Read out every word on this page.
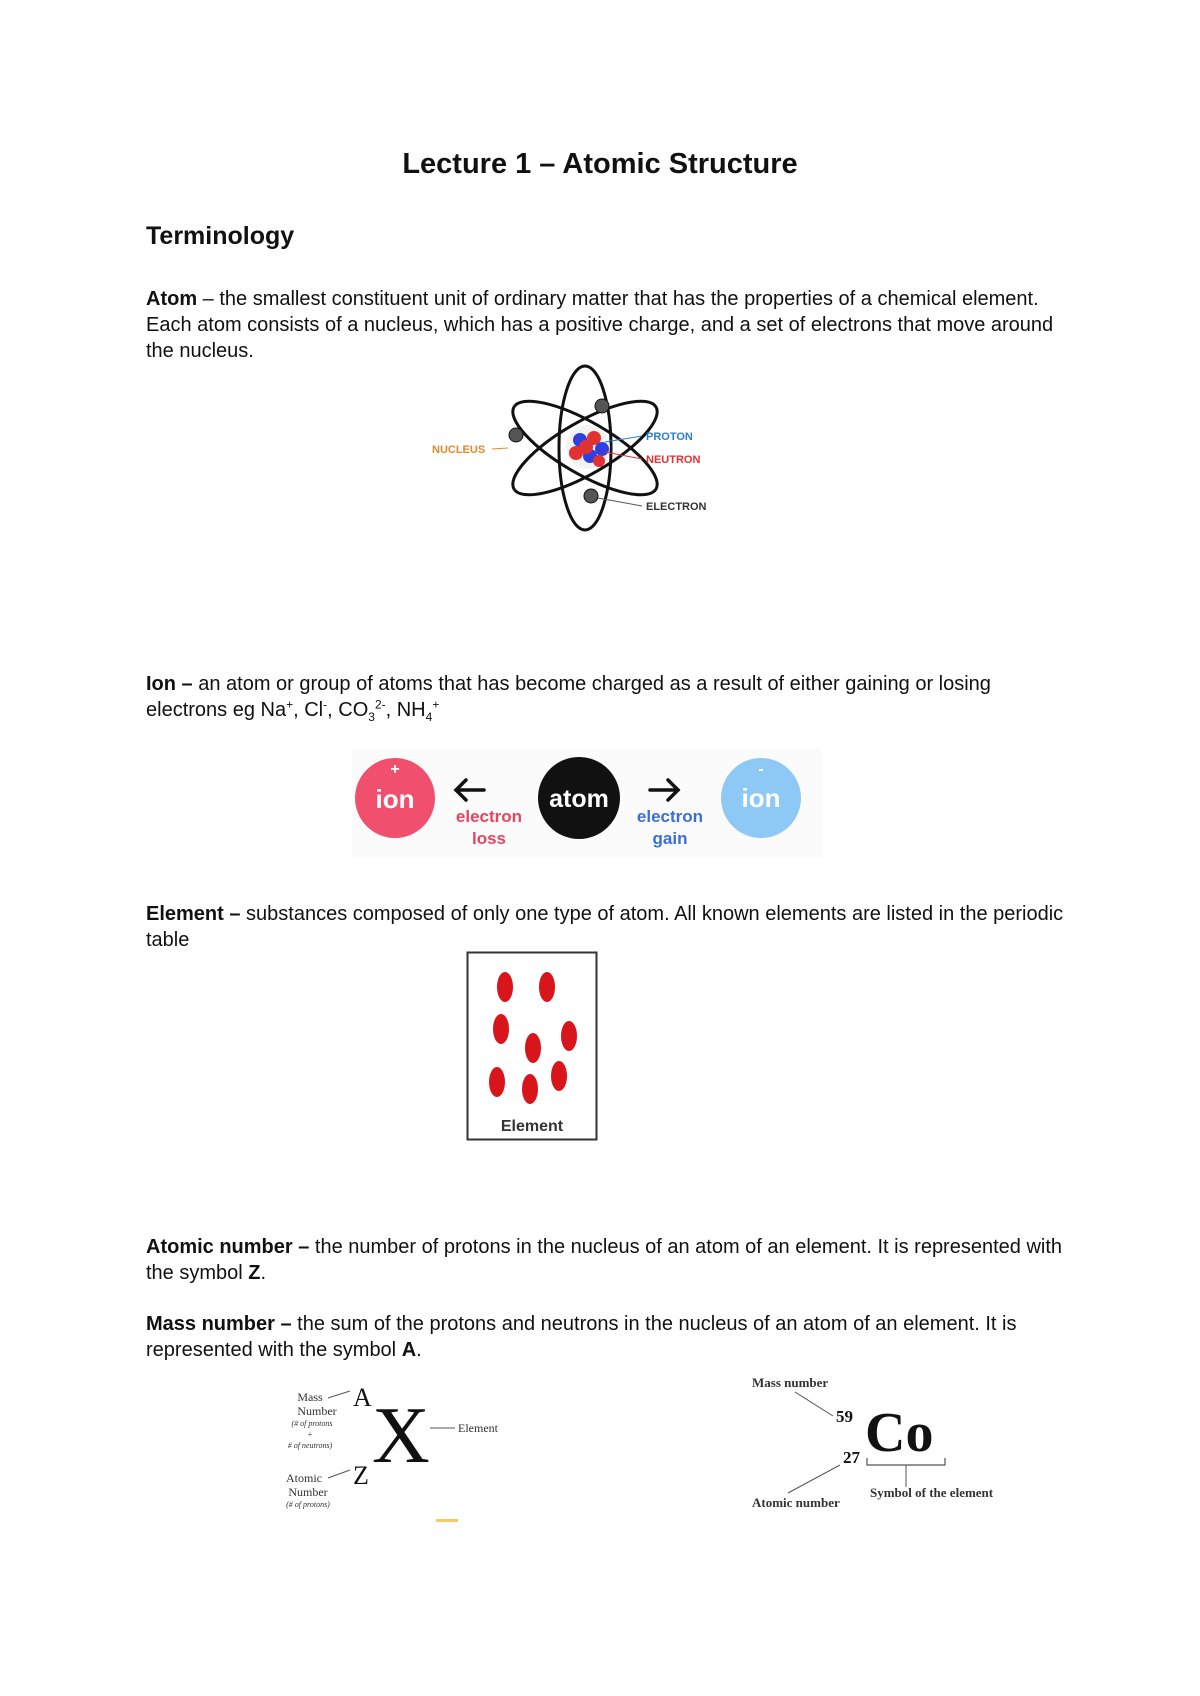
Lecture 1 – Atomic Structure
Terminology
Atom – the smallest constituent unit of ordinary matter that has the properties of a chemical element. Each atom consists of a nucleus, which has a positive charge, and a set of electrons that move around the nucleus.
NUCLEUS
PROTON
NEUTRON
ELECTRON
Ion – an atom or group of atoms that has become charged as a result of either gaining or losing electrons eg Na+, Cl-, $CO_3^{2-}$, $NH_4^+$
+
ion
electron
loss
atom
electron
gain
-
ion
Element – substances composed of only one type of atom. All known elements are listed in the periodic table
Element
Atomic number – the number of protons in the nucleus of an atom of an element. It is represented with the symbol Z.
Mass number – the sum of the protons and neutrons in the nucleus of an atom of an element. It is represented with the symbol A.
Mass
Number
(# of protons
+
# of neutrons)
Atomic
Number
(# of protons)
Element
A X
Z
Mass number
59 Co
27
Atomic number
Symbol of the element
